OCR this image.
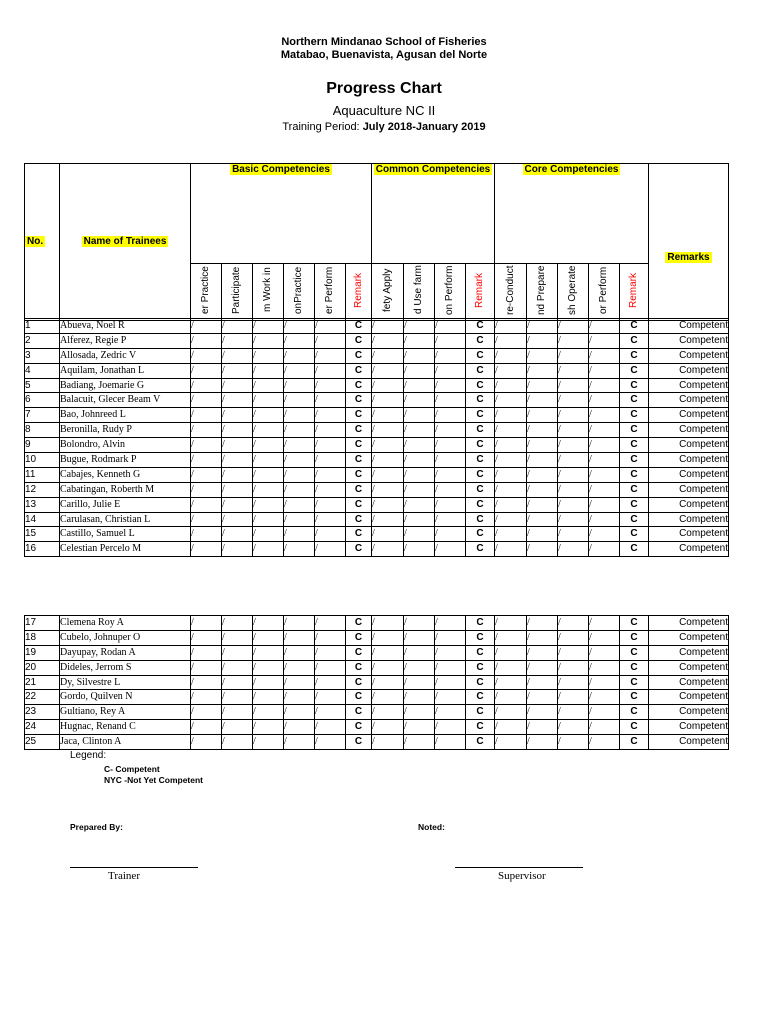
Northern Mindanao School of Fisheries
Matabao, Buenavista, Agusan del Norte
Progress Chart
Aquaculture NC II
Training Period: July 2018-January 2019
No.	Name of Trainees	Basic Competencies						Common Competencies				Core Competencies					Remarks
		er Practice	Participate	m Work in	onPractice	er Perform	Remark	fety Apply	d Use farm	on Perform	Remark	re-Conduct	nd Prepare	sh Operate	or Perform	Remark	
1	Abueva, Noel R	/	/	/	/	/	C	/	/	/	C	/	/	/	/	C	Competent
2	Alferez, Regie P	/	/	/	/	/	C	/	/	/	C	/	/	/	/	C	Competent
3	Allosada, Zedric V	/	/	/	/	/	C	/	/	/	C	/	/	/	/	C	Competent
4	Aquilam, Jonathan L	/	/	/	/	/	C	/	/	/	C	/	/	/	/	C	Competent
5	Badiang, Joemarie G	/	/	/	/	/	C	/	/	/	C	/	/	/	/	C	Competent
6	Balacuit, Glecer Beam V	/	/	/	/	/	C	/	/	/	C	/	/	/	/	C	Competent
7	Bao, Johnreed L	/	/	/	/	/	C	/	/	/	C	/	/	/	/	C	Competent
8	Beronilla, Rudy P	/	/	/	/	/	C	/	/	/	C	/	/	/	/	C	Competent
9	Bolondro, Alvin	/	/	/	/	/	C	/	/	/	C	/	/	/	/	C	Competent
10	Bugue, Rodmark P	/	/	/	/	/	C	/	/	/	C	/	/	/	/	C	Competent
11	Cabajes, Kenneth G	/	/	/	/	/	C	/	/	/	C	/	/	/	/	C	Competent
12	Cabatingan, Roberth M	/	/	/	/	/	C	/	/	/	C	/	/	/	/	C	Competent
13	Carillo, Julie E	/	/	/	/	/	C	/	/	/	C	/	/	/	/	C	Competent
14	Carulasan, Christian L	/	/	/	/	/	C	/	/	/	C	/	/	/	/	C	Competent
15	Castillo, Samuel L	/	/	/	/	/	C	/	/	/	C	/	/	/	/	C	Competent
16	Celestian Percelo M	/	/	/	/	/	C	/	/	/	C	/	/	/	/	C	Competent
17	Clemena Roy A	/	/	/	/	/	C	/	/	/	C	/	/	/	/	C	Competent
18	Cubelo, Johnuper O	/	/	/	/	/	C	/	/	/	C	/	/	/	/	C	Competent
19	Dayupay, Rodan A	/	/	/	/	/	C	/	/	/	C	/	/	/	/	C	Competent
20	Dideles, Jerrom S	/	/	/	/	/	C	/	/	/	C	/	/	/	/	C	Competent
21	Dy, Silvestre L	/	/	/	/	/	C	/	/	/	C	/	/	/	/	C	Competent
22	Gordo, Quilven N	/	/	/	/	/	C	/	/	/	C	/	/	/	/	C	Competent
23	Gultiano, Rey A	/	/	/	/	/	C	/	/	/	C	/	/	/	/	C	Competent
24	Hugnac, Renand C	/	/	/	/	/	C	/	/	/	C	/	/	/	/	C	Competent
25	Jaca, Clinton A	/	/	/	/	/	C	/	/	/	C	/	/	/	/	C	Competent
Legend:
C- Competent
NYC -Not Yet Competent
Prepared By:	Noted:
Trainer	Supervisor
